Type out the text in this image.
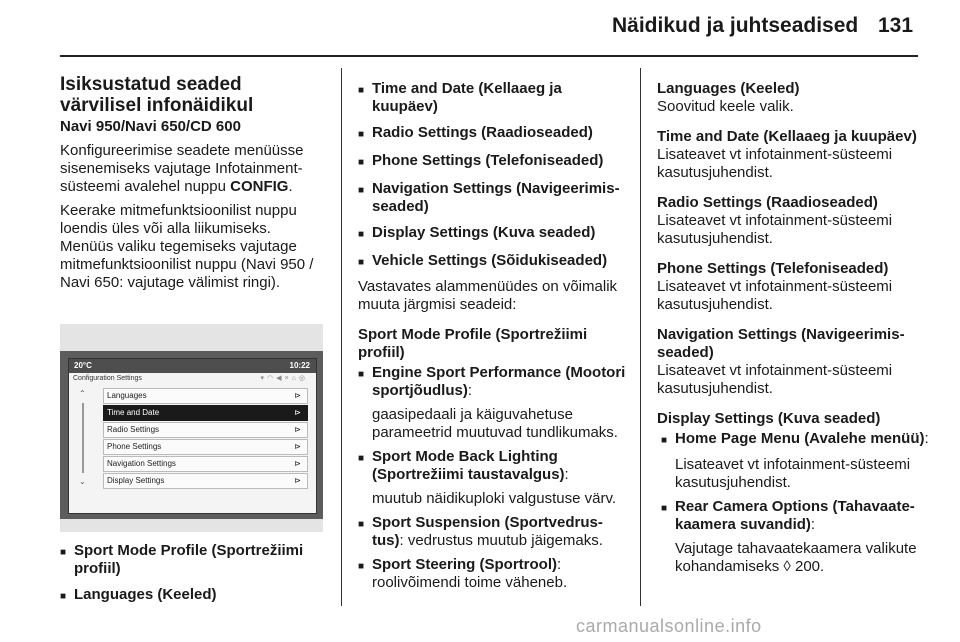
Näidikud ja juhtseadised 131

Isiksustatud seaded värvilisel infonäidikul

Navi 950/Navi 650/CD 600

Konfigureerimise seadete menüüsse sisenemiseks vajutage Infotainment-süsteemi avalehel nuppu CONFIG.

Keerake mitmefunktsioonilist nuppu loendis üles või alla liikumiseks. Menüüs valiku tegemiseks vajutage mitmefunktsioonilist nuppu (Navi 950 / Navi 650: vajutage välimist ringi).

20°C	10:22
Configuration Settings	▾◠◀×⌂◎
⌃
⌄
Languages	⊳
Time and Date	⊳
Radio Settings	⊳
Phone Settings	⊳
Navigation Settings	⊳
Display Settings	⊳
■ Sport Mode Profile (Sportrežiimi profiil)
■ Languages (Keeled)
■ Time and Date (Kellaaeg ja kuupäev)
■ Radio Settings (Raadioseaded)
■ Phone Settings (Telefoniseaded)
■ Navigation Settings (Navigeerimis-seaded)
■ Display Settings (Kuva seaded)
■ Vehicle Settings (Sõidukiseaded)

Vastavates alammenüüdes on võimalik muuta järgmisi seadeid:

Sport Mode Profile (Sportrežiimi profiil)

■ Engine Sport Performance (Mootori sportjõudlus):

gaasipedaali ja käiguvahetuse parameetrid muutuvad tundlikumaks.

■ Sport Mode Back Lighting (Sportrežiimi taustavalgus):

muutub näidikuploki valgustuse värv.

■ Sport Suspension (Sportvedrus-tus): vedrustus muutub jäigemaks.
■ Sport Steering (Sportrool):
roolivõimendi toime väheneb.

Languages (Keeled)

Soovitud keele valik.

Time and Date (Kellaaeg ja kuupäev)

Lisateavet vt infotainment-süsteemi kasutusjuhendist.

Radio Settings (Raadioseaded)

Lisateavet vt infotainment-süsteemi kasutusjuhendist.

Phone Settings (Telefoniseaded)

Lisateavet vt infotainment-süsteemi kasutusjuhendist.

Navigation Settings (Navigeerimis-seaded)

Lisateavet vt infotainment-süsteemi kasutusjuhendist.

Display Settings (Kuva seaded)

■ Home Page Menu (Avalehe menüü):

Lisateavet vt infotainment-süsteemi kasutusjuhendist.

■ Rear Camera Options (Tahavaate-kaamera suvandid):

Vajutage tahavaatekaamera valikute kohandamiseks ◊ 200.

carmanualsonline.info
